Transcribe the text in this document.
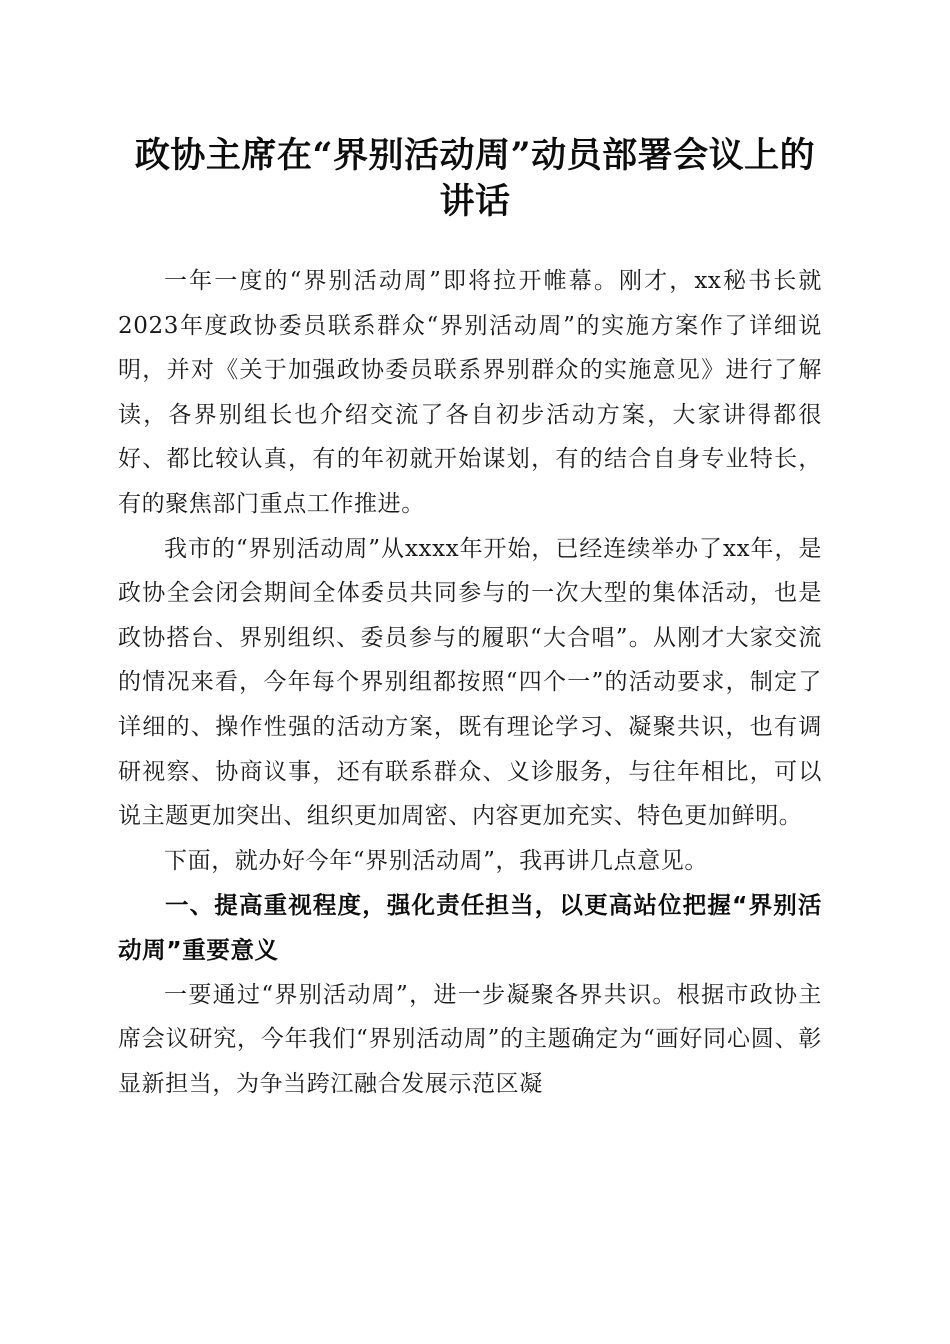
政协主席在“界别活动周”动员部署会议上的讲话

一年一度的“界别活动周”即将拉开帷幕。刚才，xx秘书长就2023年度政协委员联系群众“界别活动周”的实施方案作了详细说明，并对《关于加强政协委员联系界别群众的实施意见》进行了解读，各界别组长也介绍交流了各自初步活动方案，大家讲得都很好、都比较认真，有的年初就开始谋划，有的结合自身专业特长，有的聚焦部门重点工作推进。

我市的“界别活动周”从xxxx年开始，已经连续举办了xx年，是政协全会闭会期间全体委员共同参与的一次大型的集体活动，也是政协搭台、界别组织、委员参与的履职“大合唱”。从刚才大家交流的情况来看，今年每个界别组都按照“四个一”的活动要求，制定了详细的、操作性强的活动方案，既有理论学习、凝聚共识，也有调研视察、协商议事，还有联系群众、义诊服务，与往年相比，可以说主题更加突出、组织更加周密、内容更加充实、特色更加鲜明。

下面，就办好今年“界别活动周”，我再讲几点意见。

一、提高重视程度，强化责任担当，以更高站位把握“界别活动周”重要意义

一要通过“界别活动周”，进一步凝聚各界共识。根据市政协主席会议研究，今年我们“界别活动周”的主题确定为“画好同心圆、彰显新担当，为争当跨江融合发展示范区凝
